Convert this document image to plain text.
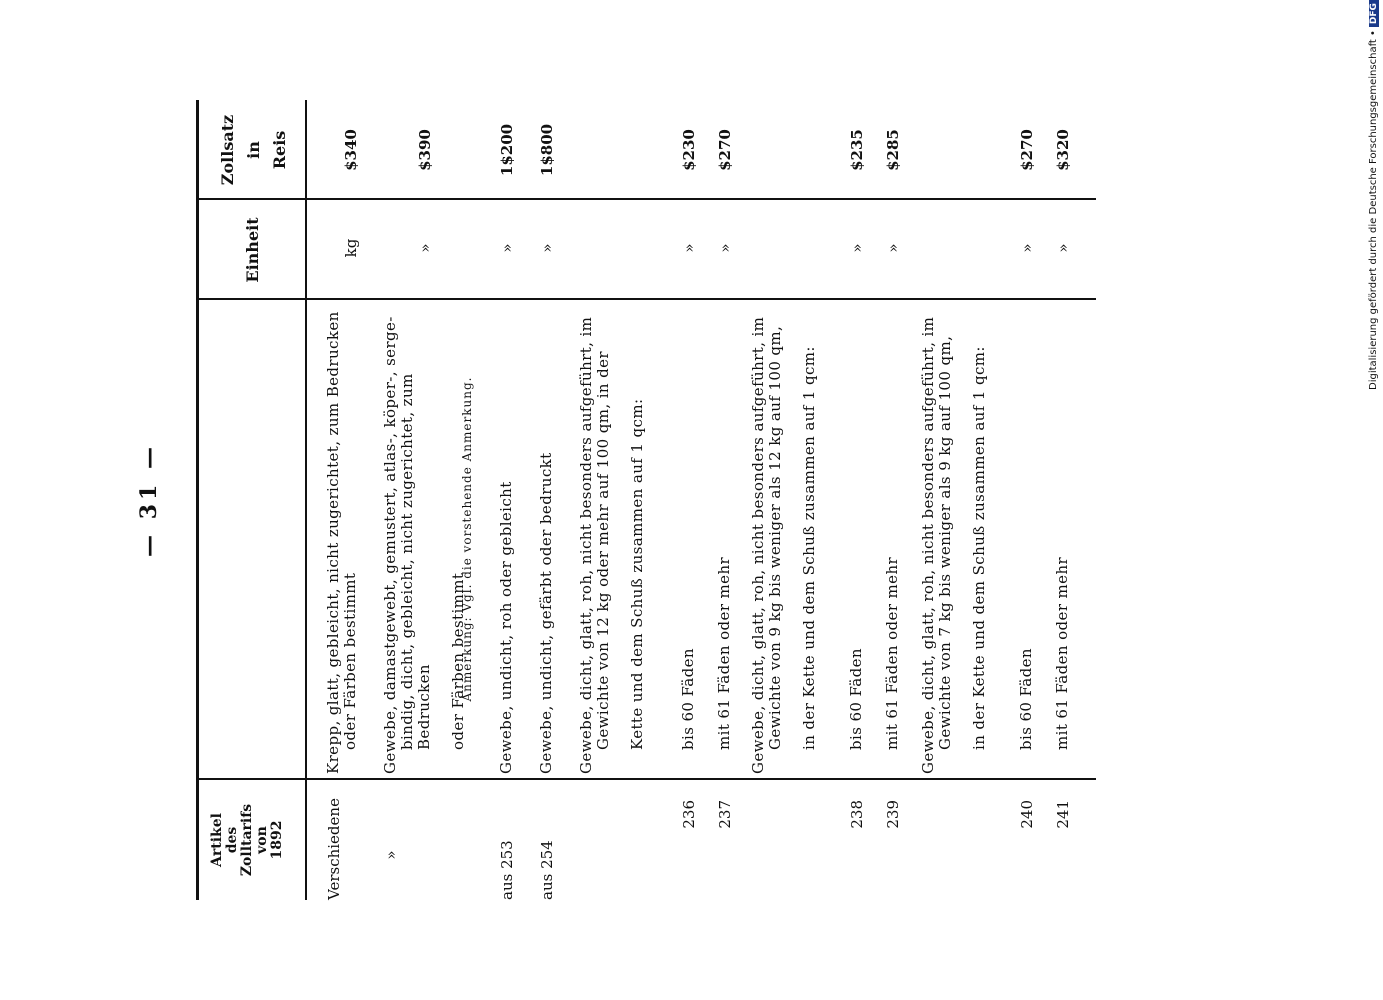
— 31 —
Artikel des Zolltarifs von 1892
Einheit
Zollsatz in Reis
Verschiedene
Krepp, glatt, gebleicht, nicht zugerichtet, zum Bedrucken oder Färben bestimmt
kg
$340
»
Gewebe, damastgewebt, gemustert, atlas-, köper-, serge- bindig, dicht, gebleicht, nicht zugerichtet, zum Bedrucken oder Färben bestimmt
»
$390
Anmerkung: Vgl. die vorstehende Anmerkung.
aus 253
Gewebe, undicht, roh oder gebleicht
»
1$200
aus 254
Gewebe, undicht, gefärbt oder bedruckt
»
1$800
Gewebe, dicht, glatt, roh, nicht besonders aufgeführt, im Gewichte von 12 kg oder mehr auf 100 qm, in der Kette und dem Schuß zusammen auf 1 qcm:
236
bis 60 Fäden
»
$230
237
mit 61 Fäden oder mehr
»
$270
Gewebe, dicht, glatt, roh, nicht besonders aufgeführt, im Gewichte von 9 kg bis weniger als 12 kg auf 100 qm, in der Kette und dem Schuß zusammen auf 1 qcm:
238
bis 60 Fäden
»
$235
239
mit 61 Fäden oder mehr
»
$285
Gewebe, dicht, glatt, roh, nicht besonders aufgeführt, im Gewichte von 7 kg bis weniger als 9 kg auf 100 qm, in der Kette und dem Schuß zusammen auf 1 qcm:
240
bis 60 Fäden
»
$270
241
mit 61 Fäden oder mehr
»
$320	Digitalisierung gefördert durch die Deutsche Forschungsgemeinschaft •DFG
